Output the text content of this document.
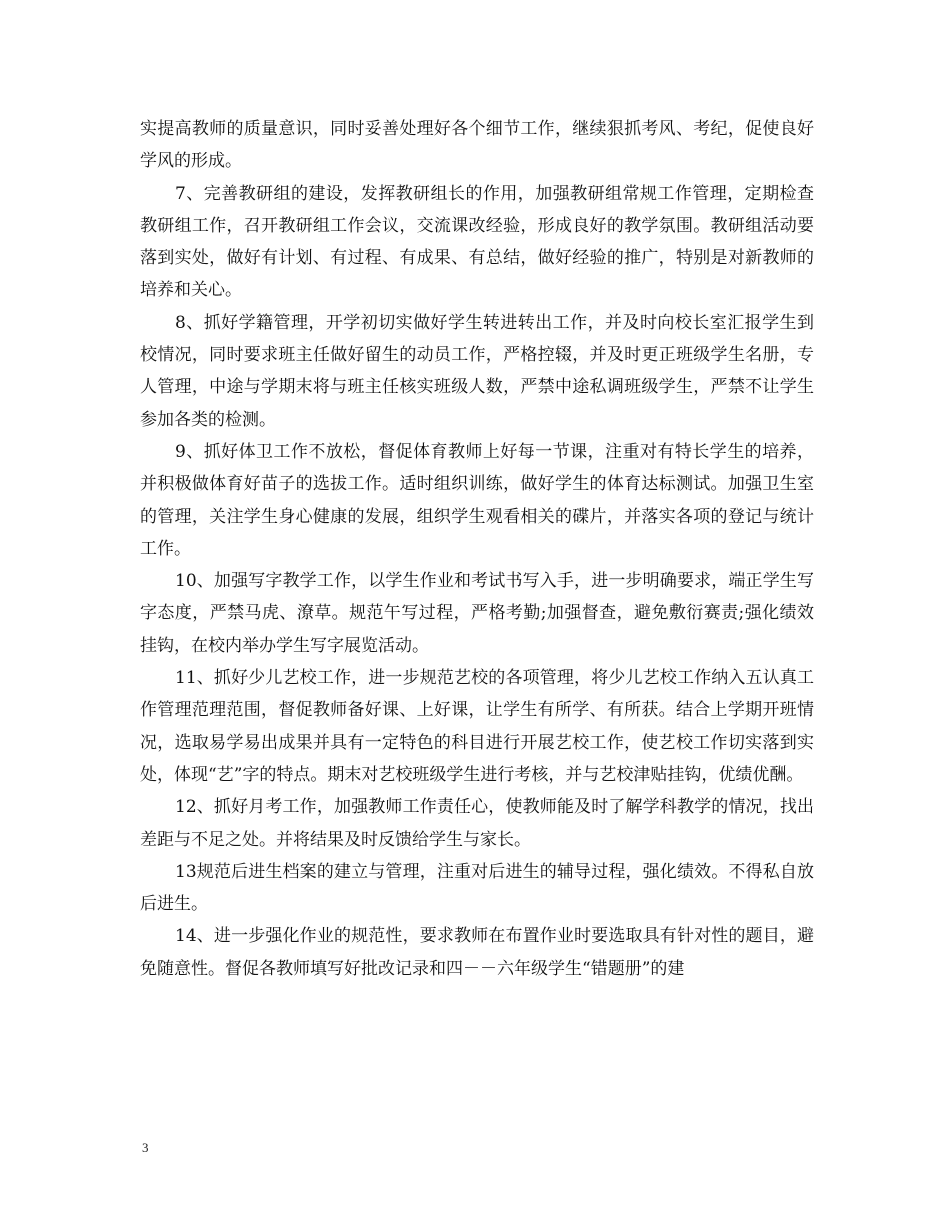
实提高教师的质量意识，同时妥善处理好各个细节工作，继续狠抓考风、考纪，促使良好学风的形成。

7、完善教研组的建设，发挥教研组长的作用，加强教研组常规工作管理，定期检查教研组工作，召开教研组工作会议，交流课改经验，形成良好的教学氛围。教研组活动要落到实处，做好有计划、有过程、有成果、有总结，做好经验的推广，特别是对新教师的培养和关心。

8、抓好学籍管理，开学初切实做好学生转进转出工作，并及时向校长室汇报学生到校情况，同时要求班主任做好留生的动员工作，严格控辍，并及时更正班级学生名册，专人管理，中途与学期末将与班主任核实班级人数，严禁中途私调班级学生，严禁不让学生参加各类的检测。

9、抓好体卫工作不放松，督促体育教师上好每一节课，注重对有特长学生的培养，并积极做体育好苗子的选拔工作。适时组织训练，做好学生的体育达标测试。加强卫生室的管理，关注学生身心健康的发展，组织学生观看相关的碟片，并落实各项的登记与统计工作。

10、加强写字教学工作，以学生作业和考试书写入手，进一步明确要求，端正学生写字态度，严禁马虎、潦草。规范午写过程，严格考勤;加强督查，避免敷衍赛责;强化绩效挂钩，在校内举办学生写字展览活动。

11、抓好少儿艺校工作，进一步规范艺校的各项管理，将少儿艺校工作纳入五认真工作管理范理范围，督促教师备好课、上好课，让学生有所学、有所获。结合上学期开班情况，选取易学易出成果并具有一定特色的科目进行开展艺校工作，使艺校工作切实落到实处，体现“艺”字的特点。期末对艺校班级学生进行考核，并与艺校津贴挂钩，优绩优酬。

12、抓好月考工作，加强教师工作责任心，使教师能及时了解学科教学的情况，找出差距与不足之处。并将结果及时反馈给学生与家长。

13规范后进生档案的建立与管理，注重对后进生的辅导过程，强化绩效。不得私自放后进生。

14、进一步强化作业的规范性，要求教师在布置作业时要选取具有针对性的题目，避免随意性。督促各教师填写好批改记录和四－－六年级学生“错题册”的建

3
